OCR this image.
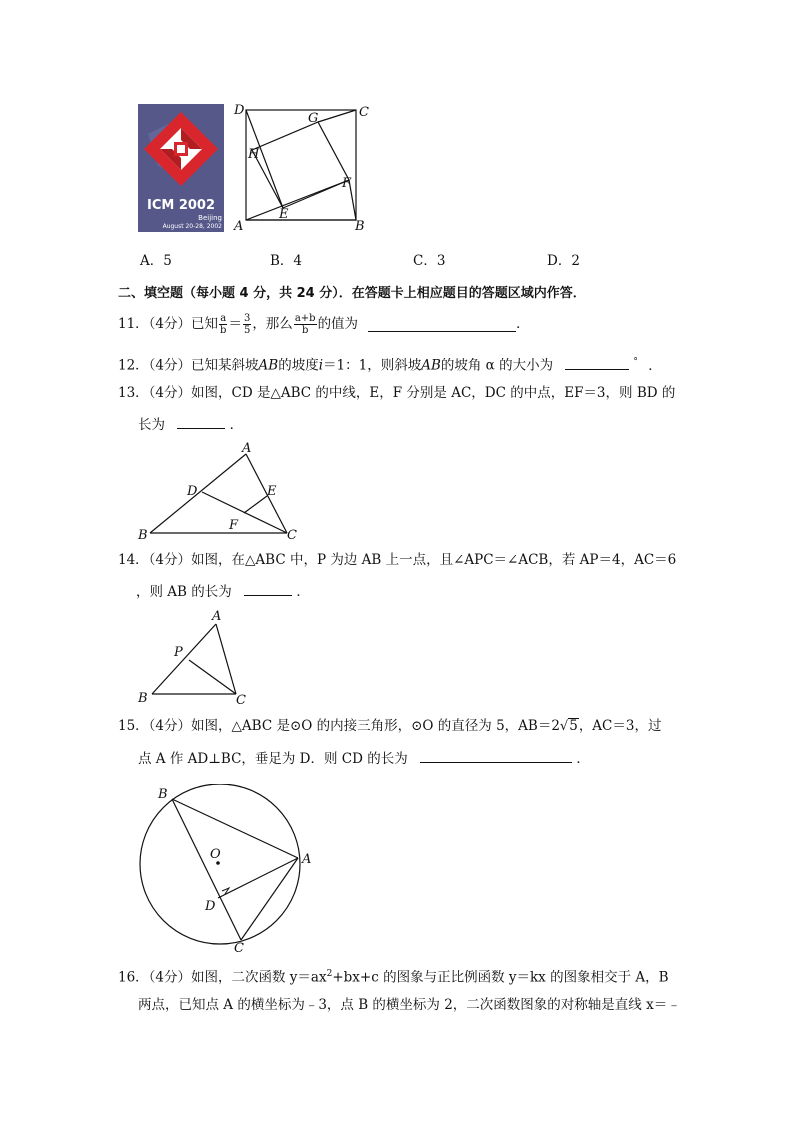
ICM 2002
Beijing
August 20-28, 2002
D	C
A	B
G
H
F
E
A．5	B．4	C．3	D．2
二、填空题（每小题 4 分，共 24 分）．在答题卡上相应题目的答题区域内作答．
11．（4分）已知 $\frac{a}{b} = \frac{3}{5}$ ，那么 $\frac{a+b}{b}$ 的值为	．
12．（4分）已知某斜坡AB的坡度i＝1：1，则斜坡AB的坡角 α 的大小为	° ．
13．（4分）如图，CD 是△ABC 的中线，E，F 分别是 AC，DC 的中点，EF＝3，则 BD 的
长为	．
A
D	E
F
B	C
14．（4分）如图，在△ABC 中，P 为边 AB 上一点，且∠APC＝∠ACB，若 AP＝4，AC＝6
，则 AB 的长为	．
A
P
B	C
15．（4分）如图，△ABC 是⊙O 的内接三角形，⊙O 的直径为 5，AB＝2√5，AC＝3，过
点 A 作 AD⊥BC，垂足为 D．则 CD 的长为	．
B
O	A
D
C
16．（4分）如图，二次函数 $y=ax^2+bx+c$ 的图象与正比例函数 y＝kx 的图象相交于 A，B
两点，已知点 A 的横坐标为﹣3，点 B 的横坐标为 2，二次函数图象的对称轴是直线 x＝﹣
